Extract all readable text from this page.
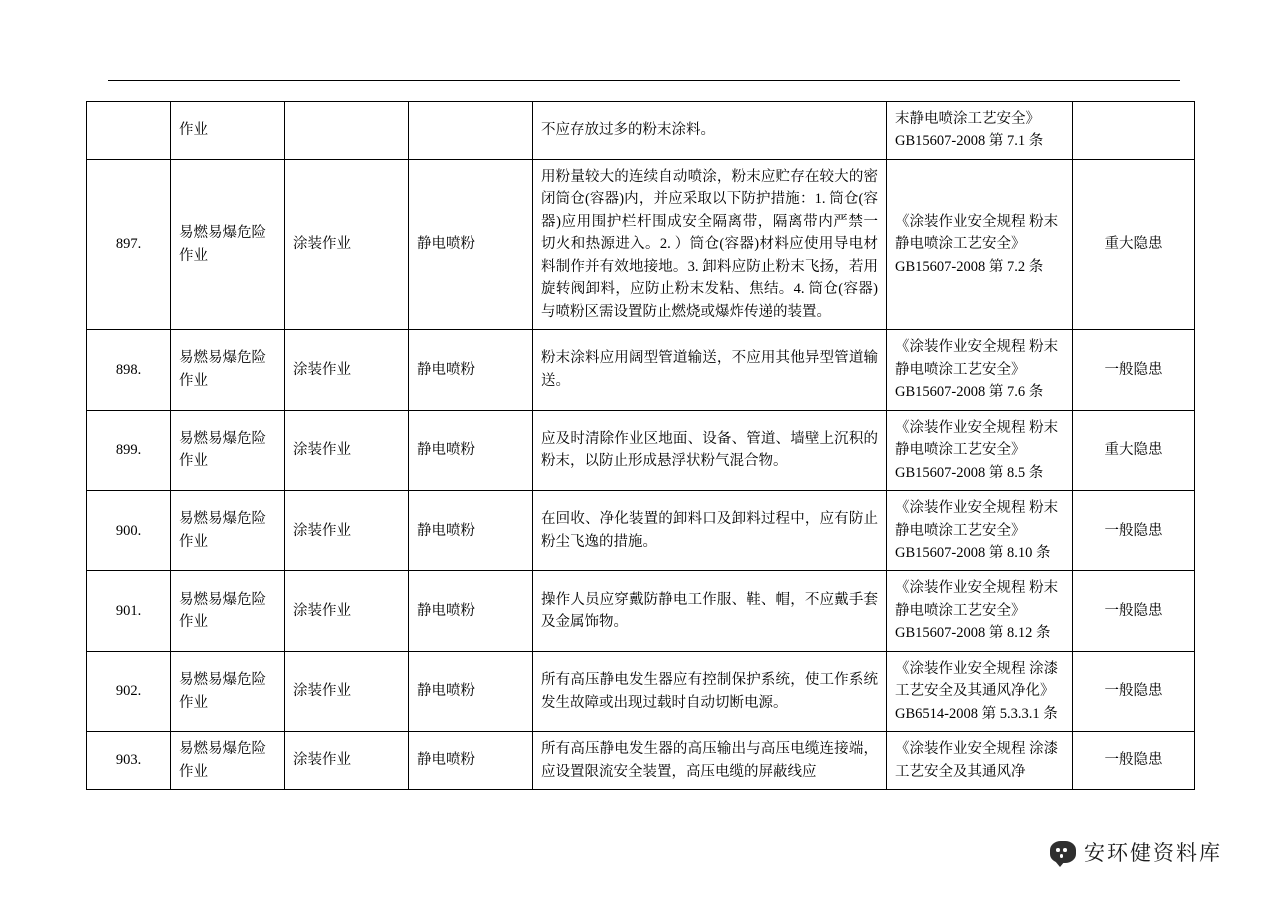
	作业			不应存放过多的粉末涂料。	末静电喷涂工艺安全》GB15607-2008 第 7.1 条	
897.	易燃易爆危险作业	涂装作业	静电喷粉	用粉量较大的连续自动喷涂，粉末应贮存在较大的密闭筒仓(容器)内，并应采取以下防护措施：1. 筒仓(容器)应用围护栏杆围成安全隔离带，隔离带内严禁一切火和热源进入。2. ）筒仓(容器)材料应使用导电材料制作并有效地接地。3. 卸料应防止粉末飞扬，若用旋转阀卸料，应防止粉末发粘、焦结。4. 筒仓(容器)与喷粉区需设置防止燃烧或爆炸传递的装置。	《涂装作业安全规程 粉末静电喷涂工艺安全》GB15607-2008 第 7.2 条	重大隐患
898.	易燃易爆危险作业	涂装作业	静电喷粉	粉末涂料应用阔型管道输送，不应用其他异型管道输送。	《涂装作业安全规程 粉末静电喷涂工艺安全》GB15607-2008 第 7.6 条	一般隐患
899.	易燃易爆危险作业	涂装作业	静电喷粉	应及时清除作业区地面、设备、管道、墙壁上沉积的粉末，以防止形成悬浮状粉气混合物。	《涂装作业安全规程 粉末静电喷涂工艺安全》GB15607-2008 第 8.5 条	重大隐患
900.	易燃易爆危险作业	涂装作业	静电喷粉	在回收、净化装置的卸料口及卸料过程中，应有防止粉尘飞逸的措施。	《涂装作业安全规程 粉末静电喷涂工艺安全》GB15607-2008 第 8.10 条	一般隐患
901.	易燃易爆危险作业	涂装作业	静电喷粉	操作人员应穿戴防静电工作服、鞋、帽，不应戴手套及金属饰物。	《涂装作业安全规程 粉末静电喷涂工艺安全》GB15607-2008 第 8.12 条	一般隐患
902.	易燃易爆危险作业	涂装作业	静电喷粉	所有高压静电发生器应有控制保护系统，使工作系统发生故障或出现过载时自动切断电源。	《涂装作业安全规程 涂漆工艺安全及其通风净化》GB6514-2008 第 5.3.3.1 条	一般隐患
903.	易燃易爆危险作业	涂装作业	静电喷粉	所有高压静电发生器的高压输出与高压电缆连接端，应设置限流安全装置，高压电缆的屏蔽线应	《涂装作业安全规程 涂漆工艺安全及其通风净	一般隐患
安环健资料库
